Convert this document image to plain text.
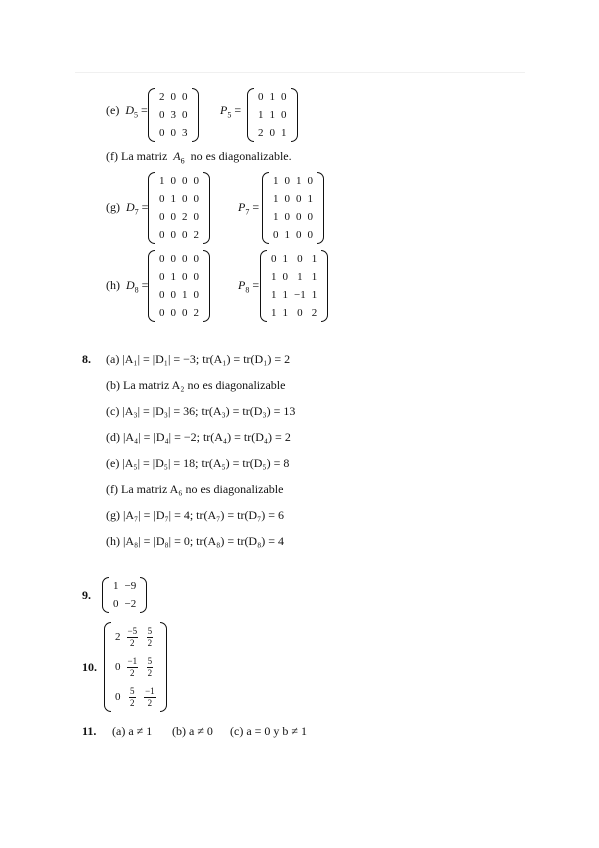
(e) $D_5$ =
2	0	0
0	3	0
0	0	3
$P_5$ =
0	1	0
1	1	0
2	0	1
(f) La matriz $A_6$ no es diagonalizable.
(g) $D_7$ =
1	0	0	0
0	1	0	0
0	0	2	0
0	0	0	2
$P_7$ =
1	0	1	0
1	0	0	1
1	0	0	0
0	1	0	0
(h) $D_8$ =
0	0	0	0
0	1	0	0
0	0	1	0
0	0	0	2
$P_8$ =
0	1	0	1
1	0	1	1
1	1	−1	1
1	1	0	2
8. (a) |A₁| = |D₁| = −3; tr(A₁) = tr(D₁) = 2
(b) La matriz A₂ no es diagonalizable
(c) |A₃| = |D₃| = 36; tr(A₃) = tr(D₃) = 13
(d) |A₄| = |D₄| = −2; tr(A₄) = tr(D₄) = 2
(e) |A₅| = |D₅| = 18; tr(A₅) = tr(D₅) = 8
(f) La matriz A₆ no es diagonalizable
(g) |A₇| = |D₇| = 4; tr(A₇) = tr(D₇) = 6
(h) |A₈| = |D₈| = 0; tr(A₈) = tr(D₈) = 4
9.
1	−9
0	−2
10.
2	$\frac{-5}{2}$	$\frac{5}{2}$

0	$\frac{-1}{2}$	$\frac{5}{2}$

0	$\frac{5}{2}$	$\frac{-1}{2}$
11. (a) a ≠ 1 (b) a ≠ 0 (c) a = 0 y b ≠ 1
